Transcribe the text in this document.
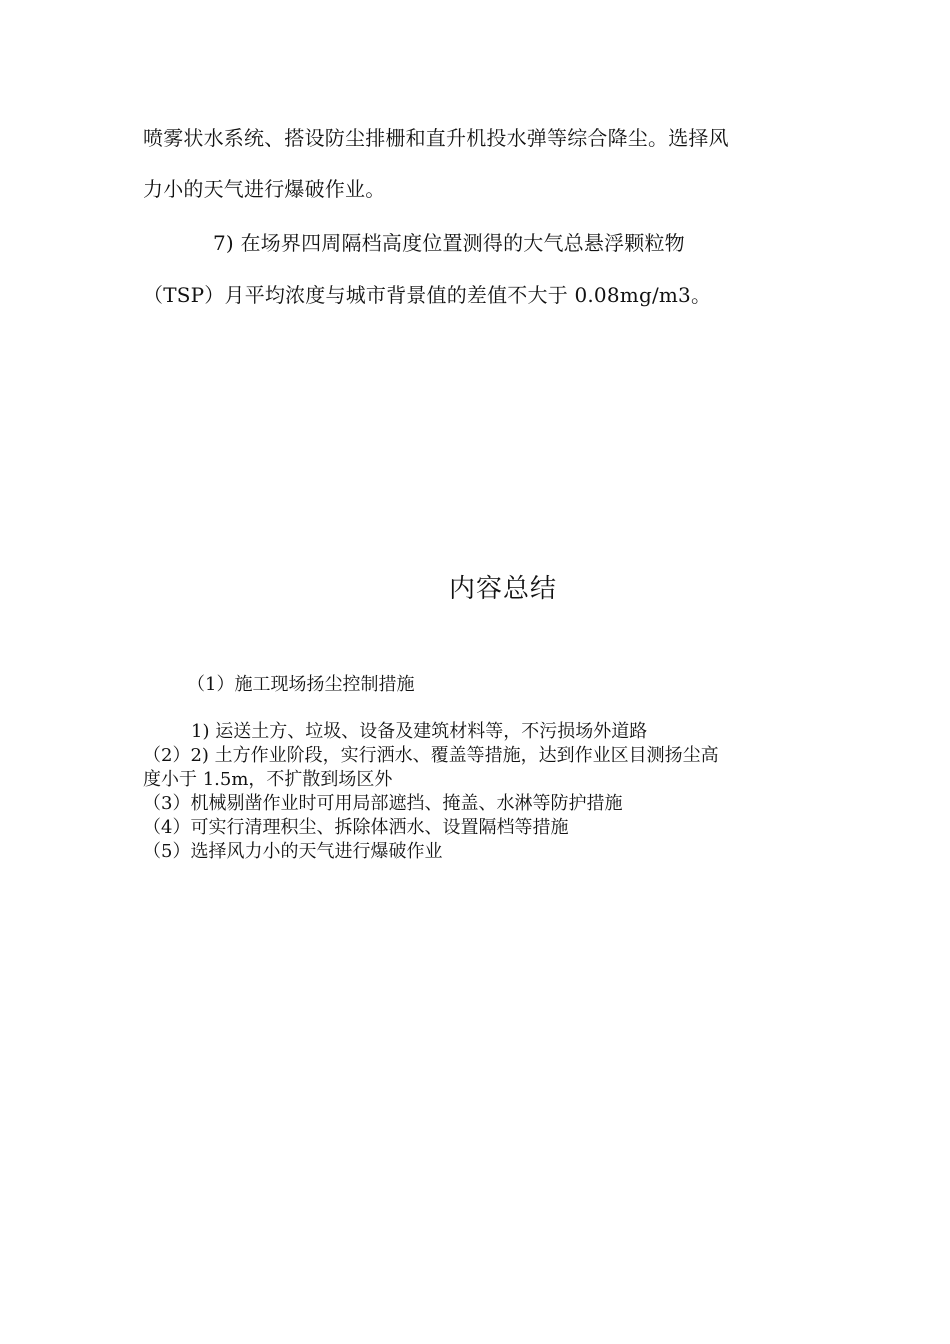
喷雾状水系统、搭设防尘排栅和直升机投水弹等综合降尘。选择风
力小的天气进行爆破作业。
7) 在场界四周隔档高度位置测得的大气总悬浮颗粒物
（TSP）月平均浓度与城市背景值的差值不大于 0.08mg/m3。
内容总结
（1）施工现场扬尘控制措施
1) 运送土方、垃圾、设备及建筑材料等，不污损场外道路
（2）2) 土方作业阶段，实行洒水、覆盖等措施，达到作业区目测扬尘高
度小于 1.5m，不扩散到场区外
（3）机械剔凿作业时可用局部遮挡、掩盖、水淋等防护措施
（4）可实行清理积尘、拆除体洒水、设置隔档等措施
（5）选择风力小的天气进行爆破作业
